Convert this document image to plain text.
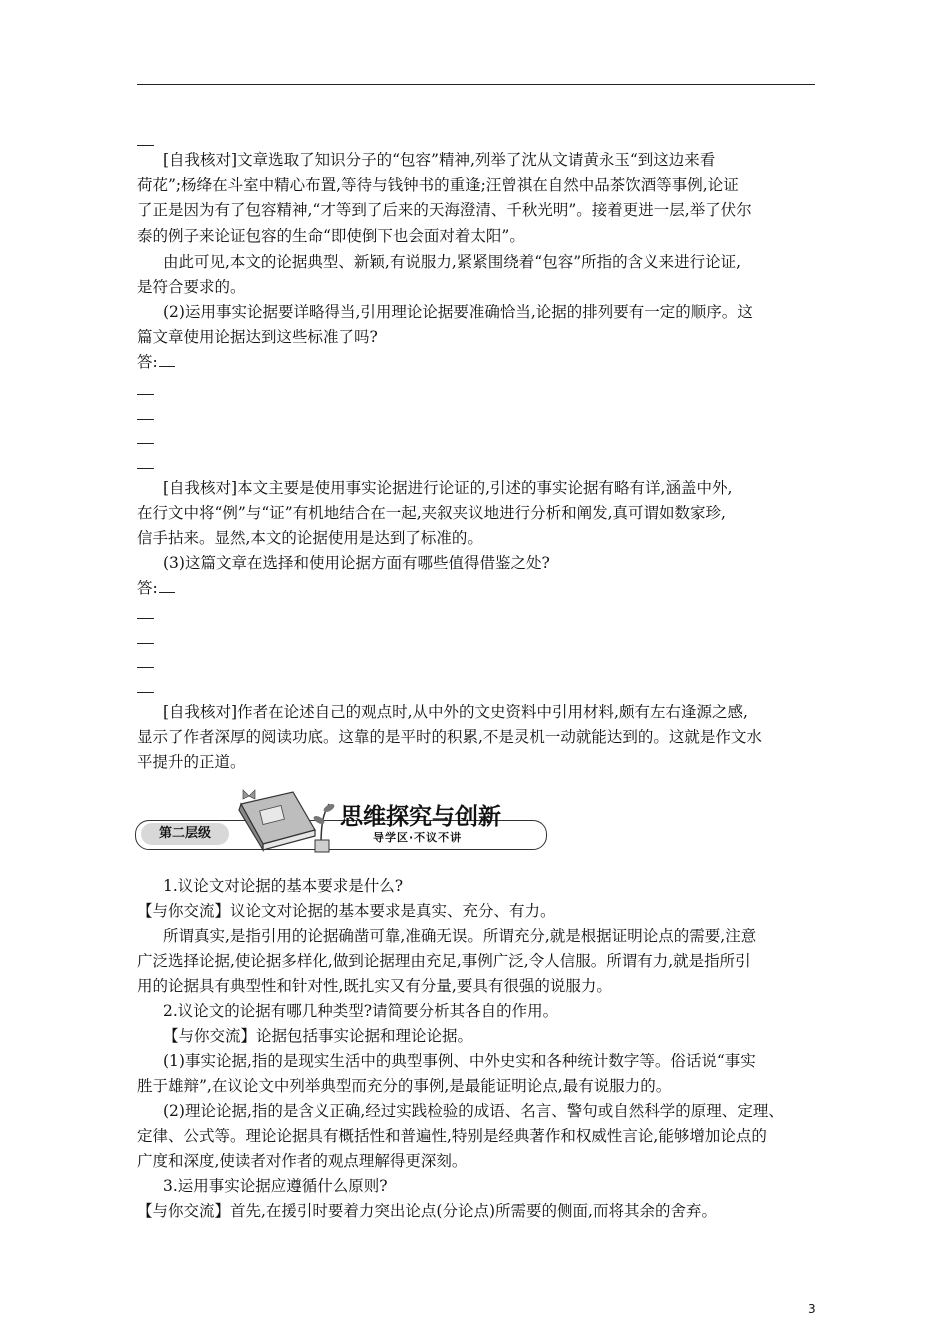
[自我核对]文章选取了知识分子的“包容”精神,列举了沈从文请黄永玉“到这边来看
荷花”;杨绛在斗室中精心布置,等待与钱钟书的重逢;汪曾祺在自然中品茶饮酒等事例,论证
了正是因为有了包容精神,“才等到了后来的天海澄清、千秋光明”。接着更进一层,举了伏尔
泰的例子来论证包容的生命“即使倒下也会面对着太阳”。
由此可见,本文的论据典型、新颖,有说服力,紧紧围绕着“包容”所指的含义来进行论证,
是符合要求的。
(2)运用事实论据要详略得当,引用理论论据要准确恰当,论据的排列要有一定的顺序。这
篇文章使用论据达到这些标准了吗?
答:
[自我核对]本文主要是使用事实论据进行论证的,引述的事实论据有略有详,涵盖中外,
在行文中将“例”与“证”有机地结合在一起,夹叙夹议地进行分析和阐发,真可谓如数家珍,
信手拈来。显然,本文的论据使用是达到了标准的。
(3)这篇文章在选择和使用论据方面有哪些值得借鉴之处?
答:
[自我核对]作者在论述自己的观点时,从中外的文史资料中引用材料,颇有左右逢源之感,
显示了作者深厚的阅读功底。这靠的是平时的积累,不是灵机一动就能达到的。这就是作文水
平提升的正道。
第二层级
思维探究与创新
导学区·不议不讲
1.议论文对论据的基本要求是什么?
【与你交流】议论文对论据的基本要求是真实、充分、有力。
所谓真实,是指引用的论据确凿可靠,准确无误。所谓充分,就是根据证明论点的需要,注意
广泛选择论据,使论据多样化,做到论据理由充足,事例广泛,令人信服。所谓有力,就是指所引
用的论据具有典型性和针对性,既扎实又有分量,要具有很强的说服力。
2.议论文的论据有哪几种类型?请简要分析其各自的作用。
【与你交流】论据包括事实论据和理论论据。
(1)事实论据,指的是现实生活中的典型事例、中外史实和各种统计数字等。俗话说“事实
胜于雄辩”,在议论文中列举典型而充分的事例,是最能证明论点,最有说服力的。
(2)理论论据,指的是含义正确,经过实践检验的成语、名言、警句或自然科学的原理、定理、
定律、公式等。理论论据具有概括性和普遍性,特别是经典著作和权威性言论,能够增加论点的
广度和深度,使读者对作者的观点理解得更深刻。
3.运用事实论据应遵循什么原则?
【与你交流】首先,在援引时要着力突出论点(分论点)所需要的侧面,而将其余的舍弃。
3
